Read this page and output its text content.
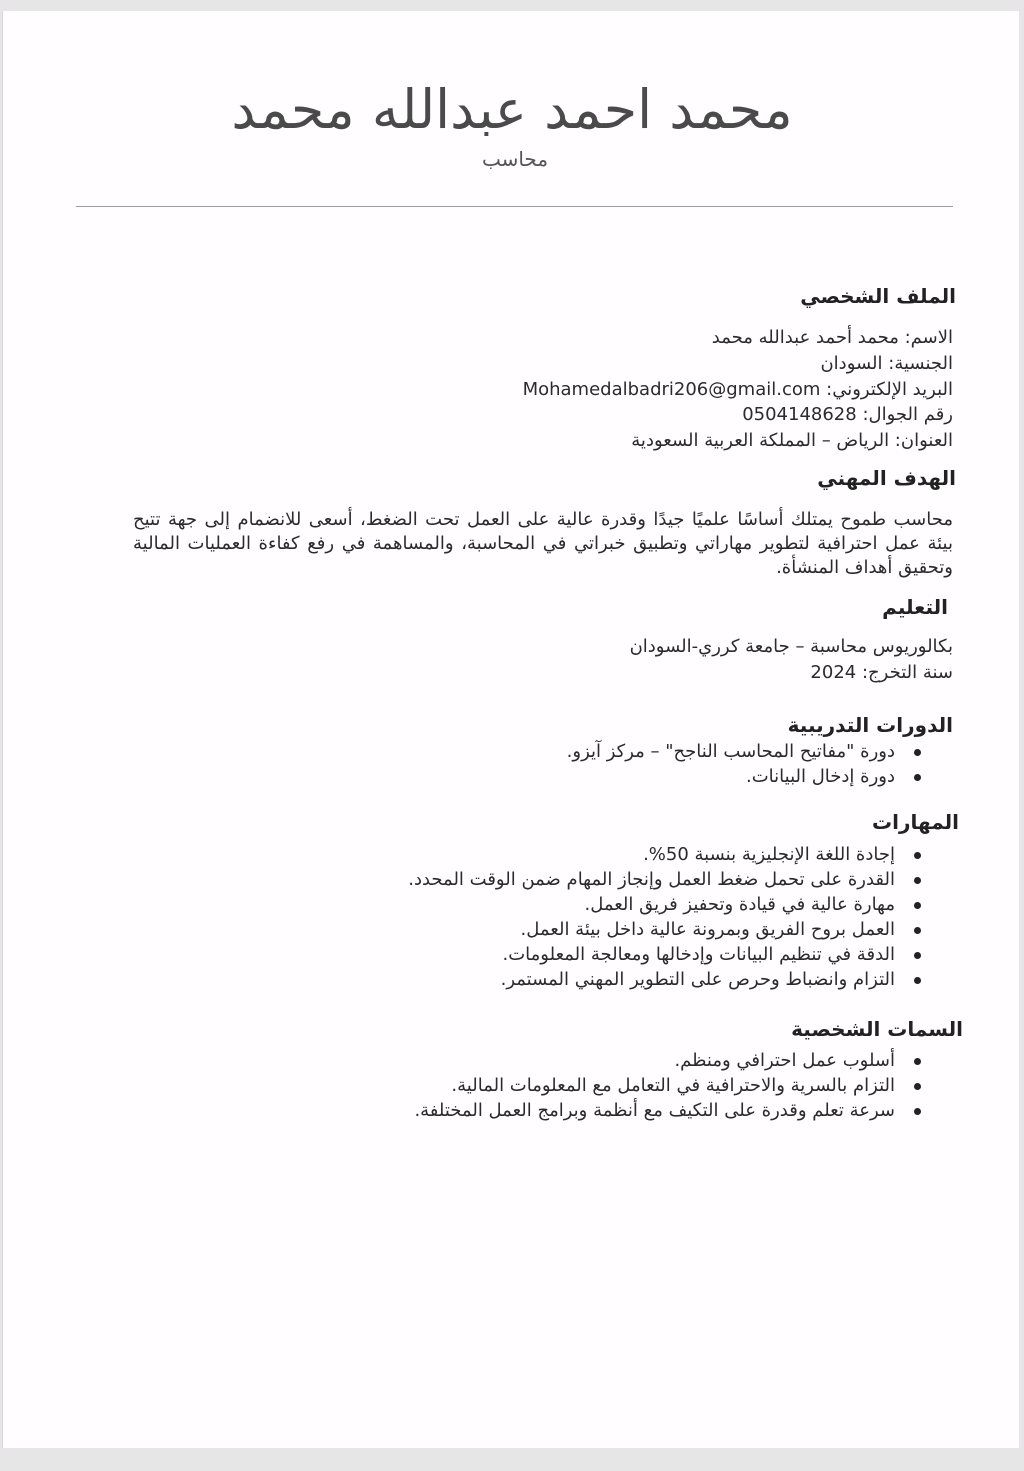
محمد احمد عبدالله محمد
محاسب
الملف الشخصي
الاسم: محمد أحمد عبدالله محمد
الجنسية: السودان
البريد الإلكتروني: Mohamedalbadri206@gmail.com
رقم الجوال: 0504148628
العنوان: الرياض – المملكة العربية السعودية
الهدف المهني

محاسب طموح يمتلك أساسًا علميًا جيدًا وقدرة عالية على العمل تحت الضغط، أسعى للانضمام إلى جهة تتيح بيئة عمل احترافية لتطوير مهاراتي وتطبيق خبراتي في المحاسبة، والمساهمة في رفع كفاءة العمليات المالية وتحقيق أهداف المنشأة.

التعليم
بكالوريوس محاسبة – جامعة كرري-السودان
سنة التخرج: 2024
الدورات التدريبية
دورة "مفاتيح المحاسب الناجح" – مركز آيزو.
دورة إدخال البيانات.
المهارات
إجادة اللغة الإنجليزية بنسبة 50%.
القدرة على تحمل ضغط العمل وإنجاز المهام ضمن الوقت المحدد.
مهارة عالية في قيادة وتحفيز فريق العمل.
العمل بروح الفريق وبمرونة عالية داخل بيئة العمل.
الدقة في تنظيم البيانات وإدخالها ومعالجة المعلومات.
التزام وانضباط وحرص على التطوير المهني المستمر.
السمات الشخصية
أسلوب عمل احترافي ومنظم.
التزام بالسرية والاحترافية في التعامل مع المعلومات المالية.
سرعة تعلم وقدرة على التكيف مع أنظمة وبرامج العمل المختلفة.
